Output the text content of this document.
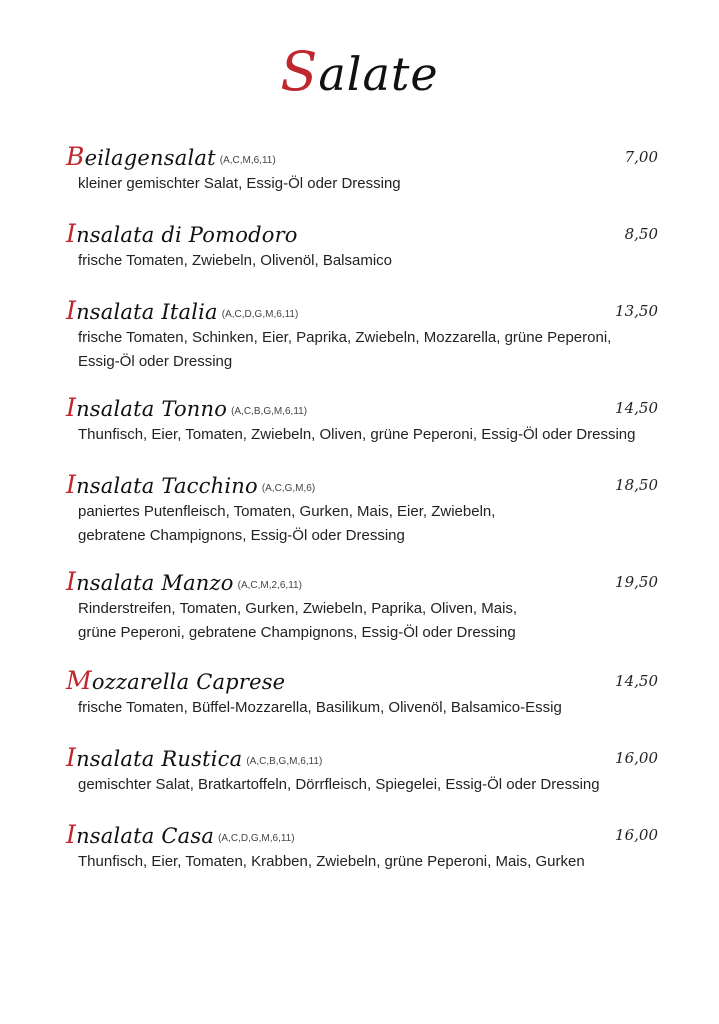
Salate
Beilagensalat (A,C,M,6,11)	7,00
kleiner gemischter Salat, Essig-Öl oder Dressing
Insalata di Pomodoro	8,50
frische Tomaten, Zwiebeln, Olivenöl, Balsamico
Insalata Italia (A,C,D,G,M,6,11)	13,50
frische Tomaten, Schinken, Eier, Paprika, Zwiebeln, Mozzarella, grüne Peperoni,
Essig-Öl oder Dressing
Insalata Tonno (A,C,B,G,M,6,11)	14,50
Thunfisch, Eier, Tomaten, Zwiebeln, Oliven, grüne Peperoni, Essig-Öl oder Dressing
Insalata Tacchino (A,C,G,M,6)	18,50
paniertes Putenfleisch, Tomaten, Gurken, Mais, Eier, Zwiebeln,
gebratene Champignons, Essig-Öl oder Dressing
Insalata Manzo (A,C,M,2,6,11)	19,50
Rinderstreifen, Tomaten, Gurken, Zwiebeln, Paprika, Oliven, Mais,
grüne Peperoni, gebratene Champignons, Essig-Öl oder Dressing
Mozzarella Caprese	14,50
frische Tomaten, Büffel-Mozzarella, Basilikum, Olivenöl, Balsamico-Essig
Insalata Rustica (A,C,B,G,M,6,11)	16,00
gemischter Salat, Bratkartoffeln, Dörrfleisch, Spiegelei, Essig-Öl oder Dressing
Insalata Casa (A,C,D,G,M,6,11)	16,00
Thunfisch, Eier, Tomaten, Krabben, Zwiebeln, grüne Peperoni, Mais, Gurken
